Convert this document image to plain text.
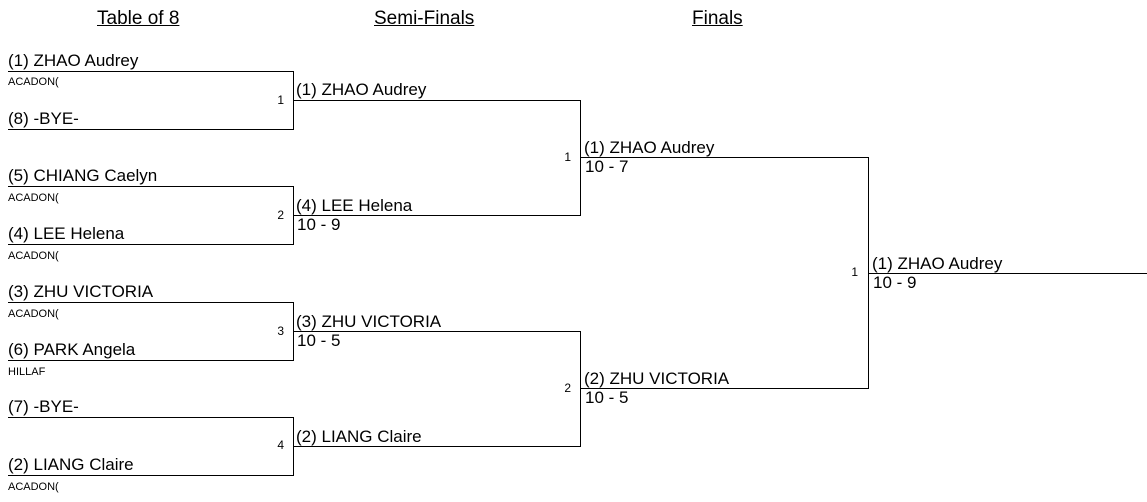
Table of 8	Semi-Finals	Finals
(1) ZHAO Audrey
ACADON(
(8) -BYE-
1
(5) CHIANG Caelyn
ACADON(
(4) LEE Helena
ACADON(
2
(3) ZHU VICTORIA
ACADON(
(6) PARK Angela
HILLAF
3
(7) -BYE-
(2) LIANG Claire
ACADON(
4
(1) ZHAO Audrey
(4) LEE Helena
10 - 9
1
(3) ZHU VICTORIA
10 - 5
(2) LIANG Claire
2
(1) ZHAO Audrey
10 - 7
(2) ZHU VICTORIA
10 - 5
1 (1) ZHAO Audrey
10 - 9
